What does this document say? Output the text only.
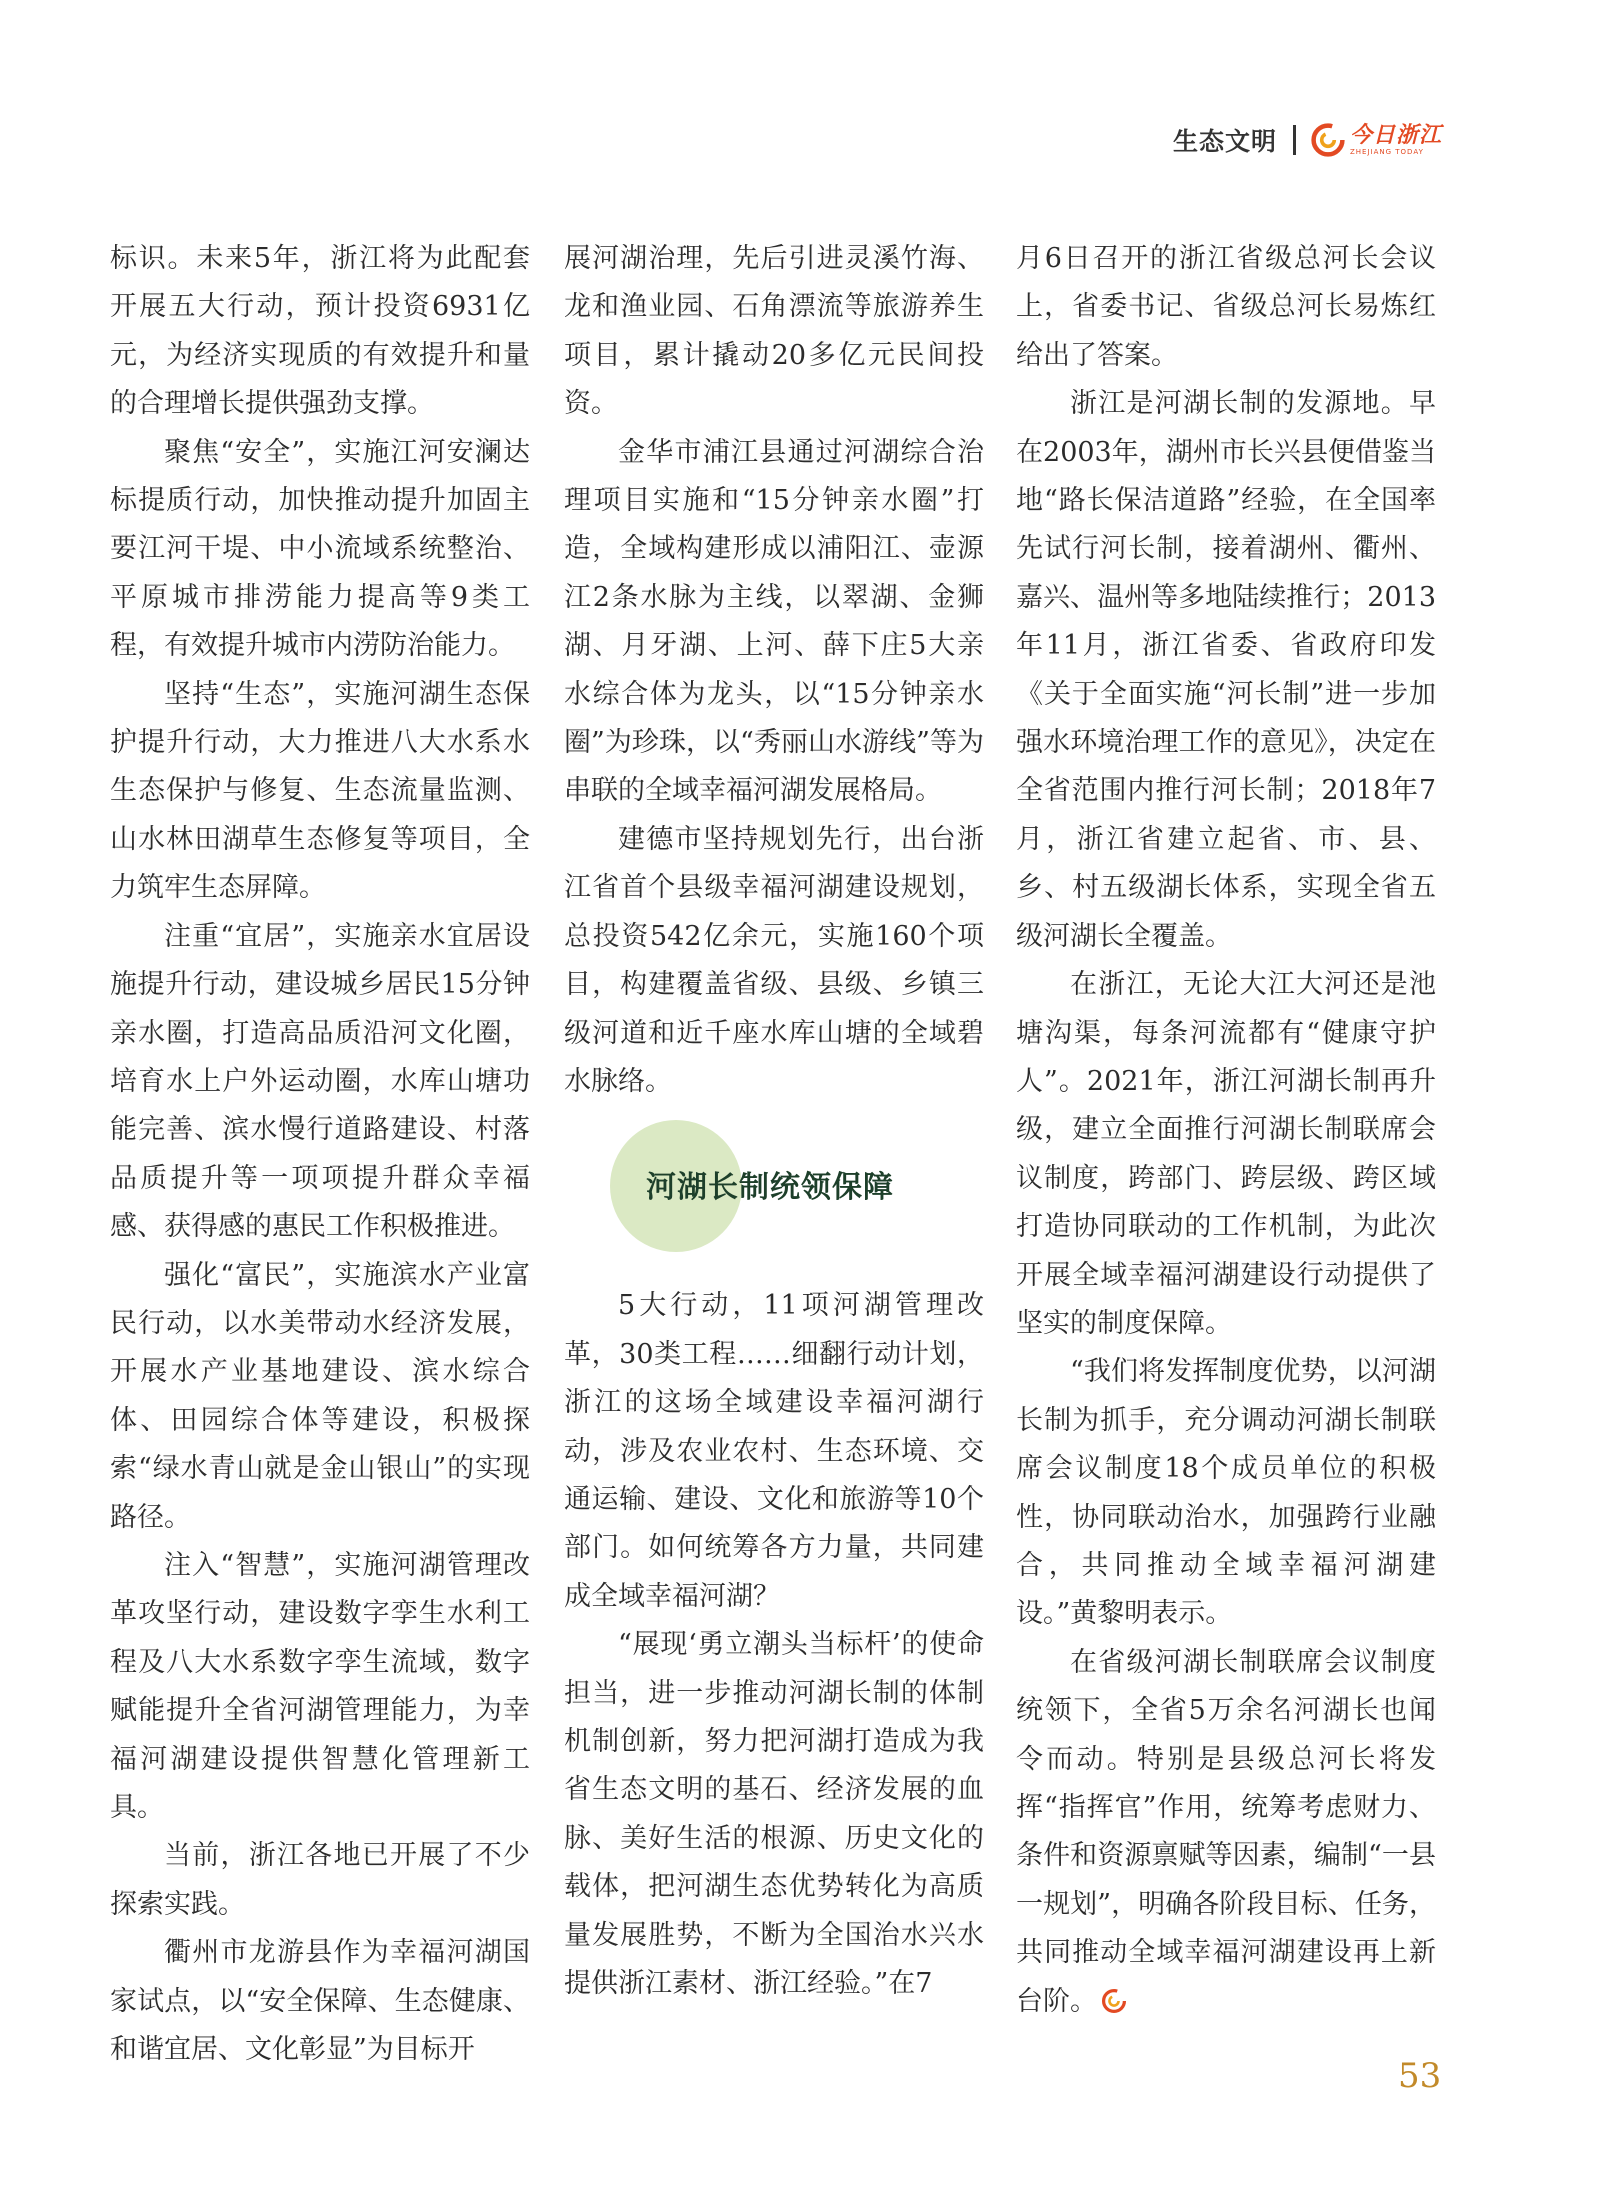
生态文明	今日浙江
ZHEJIANG TODAY

标识。未来5年，浙江将为此配套开展五大行动，预计投资6931亿元，为经济实现质的有效提升和量的合理增长提供强劲支撑。

聚焦“安全”，实施江河安澜达标提质行动，加快推动提升加固主要江河干堤、中小流域系统整治、平原城市排涝能力提高等9类工程，有效提升城市内涝防治能力。

坚持“生态”，实施河湖生态保护提升行动，大力推进八大水系水生态保护与修复、生态流量监测、山水林田湖草生态修复等项目，全力筑牢生态屏障。

注重“宜居”，实施亲水宜居设施提升行动，建设城乡居民15分钟亲水圈，打造高品质沿河文化圈，培育水上户外运动圈，水库山塘功能完善、滨水慢行道路建设、村落品质提升等一项项提升群众幸福感、获得感的惠民工作积极推进。

强化“富民”，实施滨水产业富民行动，以水美带动水经济发展，开展水产业基地建设、滨水综合体、田园综合体等建设，积极探索“绿水青山就是金山银山”的实现路径。

注入“智慧”，实施河湖管理改革攻坚行动，建设数字孪生水利工程及八大水系数字孪生流域，数字赋能提升全省河湖管理能力，为幸福河湖建设提供智慧化管理新工具。

当前，浙江各地已开展了不少探索实践。

衢州市龙游县作为幸福河湖国家试点，以“安全保障、生态健康、和谐宜居、文化彰显”为目标开

展河湖治理，先后引进灵溪竹海、龙和渔业园、石角漂流等旅游养生项目，累计撬动20多亿元民间投资。

金华市浦江县通过河湖综合治理项目实施和“15分钟亲水圈”打造，全域构建形成以浦阳江、壶源江2条水脉为主线，以翠湖、金狮湖、月牙湖、上河、薛下庄5大亲水综合体为龙头，以“15分钟亲水圈”为珍珠，以“秀丽山水游线”等为串联的全域幸福河湖发展格局。

建德市坚持规划先行，出台浙江省首个县级幸福河湖建设规划，总投资542亿余元，实施160个项目，构建覆盖省级、县级、乡镇三级河道和近千座水库山塘的全域碧水脉络。

河湖长制统领保障

5大行动，11项河湖管理改革，30类工程……细翻行动计划，浙江的这场全域建设幸福河湖行动，涉及农业农村、生态环境、交通运输、建设、文化和旅游等10个部门。如何统筹各方力量，共同建成全域幸福河湖？

“展现‘勇立潮头当标杆’的使命担当，进一步推动河湖长制的体制机制创新，努力把河湖打造成为我省生态文明的基石、经济发展的血脉、美好生活的根源、历史文化的载体，把河湖生态优势转化为高质量发展胜势，不断为全国治水兴水提供浙江素材、浙江经验。”在7

月6日召开的浙江省级总河长会议上，省委书记、省级总河长易炼红给出了答案。

浙江是河湖长制的发源地。早在2003年，湖州市长兴县便借鉴当地“路长保洁道路”经验，在全国率先试行河长制，接着湖州、衢州、嘉兴、温州等多地陆续推行；2013年11月，浙江省委、省政府印发《关于全面实施“河长制”进一步加强水环境治理工作的意见》，决定在全省范围内推行河长制；2018年7月，浙江省建立起省、市、县、乡、村五级湖长体系，实现全省五级河湖长全覆盖。

在浙江，无论大江大河还是池塘沟渠，每条河流都有“健康守护人”。2021年，浙江河湖长制再升级，建立全面推行河湖长制联席会议制度，跨部门、跨层级、跨区域打造协同联动的工作机制，为此次开展全域幸福河湖建设行动提供了坚实的制度保障。

“我们将发挥制度优势，以河湖长制为抓手，充分调动河湖长制联席会议制度18个成员单位的积极性，协同联动治水，加强跨行业融合，共同推动全域幸福河湖建设。”黄黎明表示。

在省级河湖长制联席会议制度统领下，全省5万余名河湖长也闻令而动。特别是县级总河长将发挥“指挥官”作用，统筹考虑财力、条件和资源禀赋等因素，编制“一县一规划”，明确各阶段目标、任务，共同推动全域幸福河湖建设再上新台阶。

53
